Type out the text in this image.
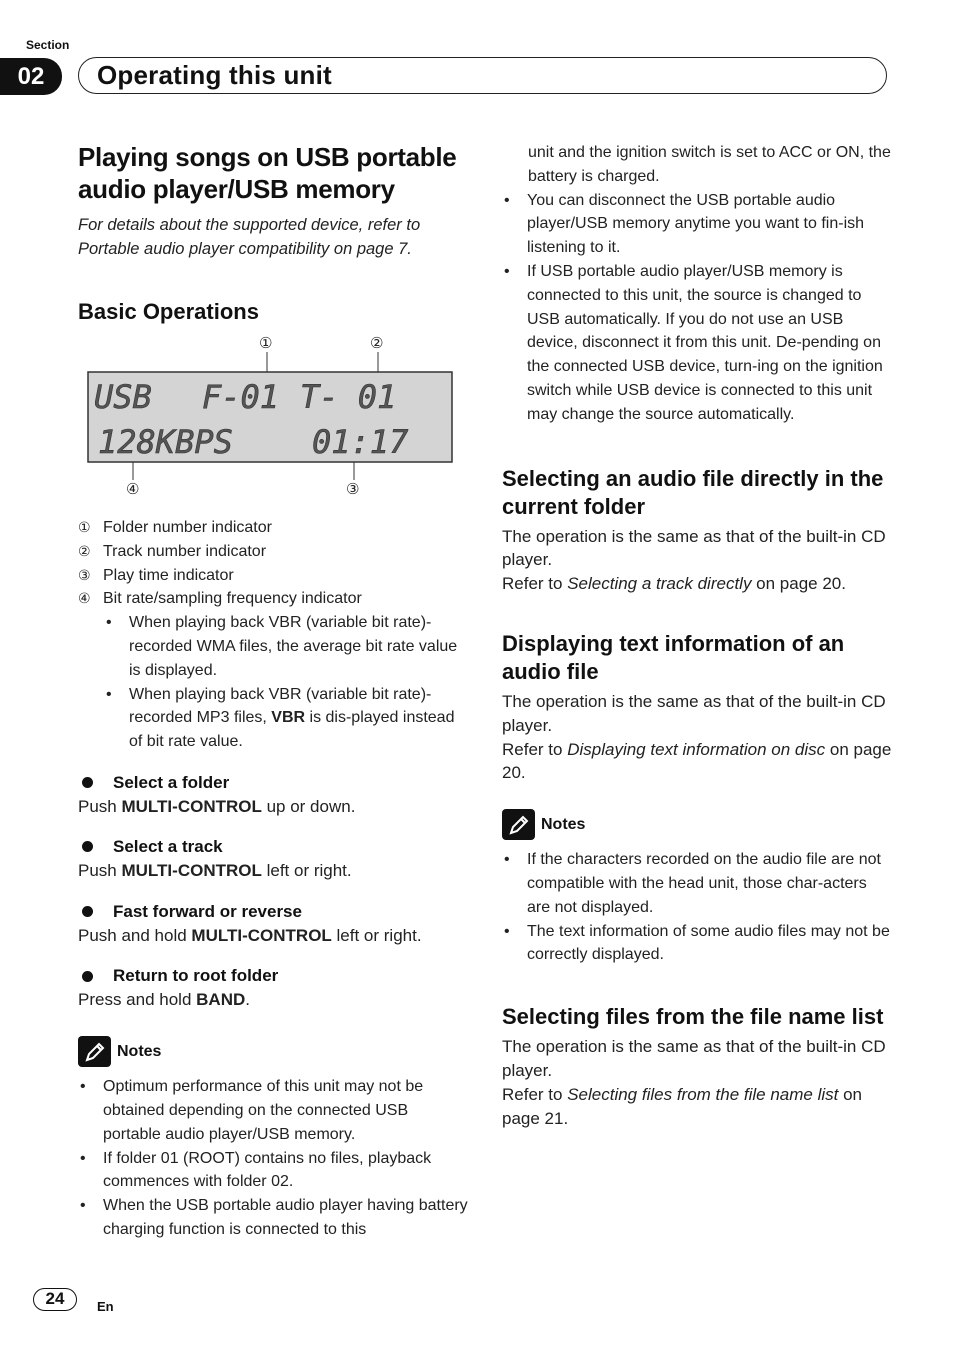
Section
02	Operating this unit
Playing songs on USB portable audio player/USB memory

For details about the supported device, refer to
Portable audio player compatibility on page 7.

Basic Operations
①	②
USB F-01 T- 01
128KBPS 01:17
④	③
① Folder number indicator
② Track number indicator
③ Play time indicator
④ Bit rate/sampling frequency indicator
• When playing back VBR (variable bit rate)-recorded WMA files, the average bit rate value is displayed.
• When playing back VBR (variable bit rate)-recorded MP3 files, VBR is dis-played instead of bit rate value.
Select a folder

Push MULTI-CONTROL up or down.

Select a track

Push MULTI-CONTROL left or right.

Fast forward or reverse

Push and hold MULTI-CONTROL left or right.

Return to root folder

Press and hold BAND.

Notes
• Optimum performance of this unit may not be obtained depending on the connected USB portable audio player/USB memory.
• If folder 01 (ROOT) contains no files, playback commences with folder 02.
• When the USB portable audio player having battery charging function is connected to this

unit and the ignition switch is set to ACC or ON, the battery is charged.

• You can disconnect the USB portable audio player/USB memory anytime you want to fin-ish listening to it.
• If USB portable audio player/USB memory is connected to this unit, the source is changed to USB automatically. If you do not use an USB device, disconnect it from this unit. De-pending on the connected USB device, turn-ing on the ignition switch while USB device is connected to this unit may change the source automatically.
Selecting an audio file directly in the current folder

The operation is the same as that of the built-in CD player.

Refer to Selecting a track directly on page 20.

Displaying text information of an audio file

The operation is the same as that of the built-in CD player.

Refer to Displaying text information on disc on page 20.

Notes
• If the characters recorded on the audio file are not compatible with the head unit, those char-acters are not displayed.
• The text information of some audio files may not be correctly displayed.
Selecting files from the file name list

The operation is the same as that of the built-in CD player.

Refer to Selecting files from the file name list on page 21.

24	En
